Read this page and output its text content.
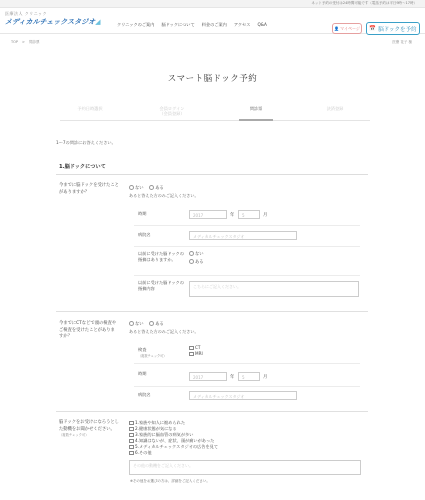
ネット予約の受付は24時間可能です（電話予約は平日9時〜17時）
医療法人 クリニック
メディカルチェックスタジオ◢	クリニックのご案内 脳ドックについて 料金のご案内 アクセス Q&A
👤 マイページ 📅 脳ドックを予約
TOP > 問診票	医療 花子 様
スマート脳ドック予約
予約日時選択	会員ログイン
（会員登録）
問診票	決済登録
1〜7の問診にお答えください。
1.脳ドックについて
今までに脳ドックを受けたことがありますか？
ない	ある
あると答えた方のみご記入ください。
時期	2017	年	5	月
病院名	メディカルチェックスタジオ
以前に受けた脳ドックの指摘はありますか。
ない
ある
以前に受けた脳ドックの指摘内容	こちらにご記入ください。
今までにCTなどで頭の検査やご検査を受けたことがありますか？
ない	ある
あると答えた方のみご記入ください。
検査
（複数チェック可）
CT
MRI
時期
2017	年	5	月
病院名	メディカルチェックスタジオ
脳ドックをお受けになろうとした動機をお聞かせください。
（複数チェック可）
1.家族や知人に勧められた
2.健康状態が気になる
3.家族的に脳血管の病気が多い
4.知識はないが、症状、頭が痛いがあった
5.メディカルチェックスタジオの広告を見て
6.その他
その他の動機をご記入ください。
※その他をお選びの方は、詳細をご記入ください。
